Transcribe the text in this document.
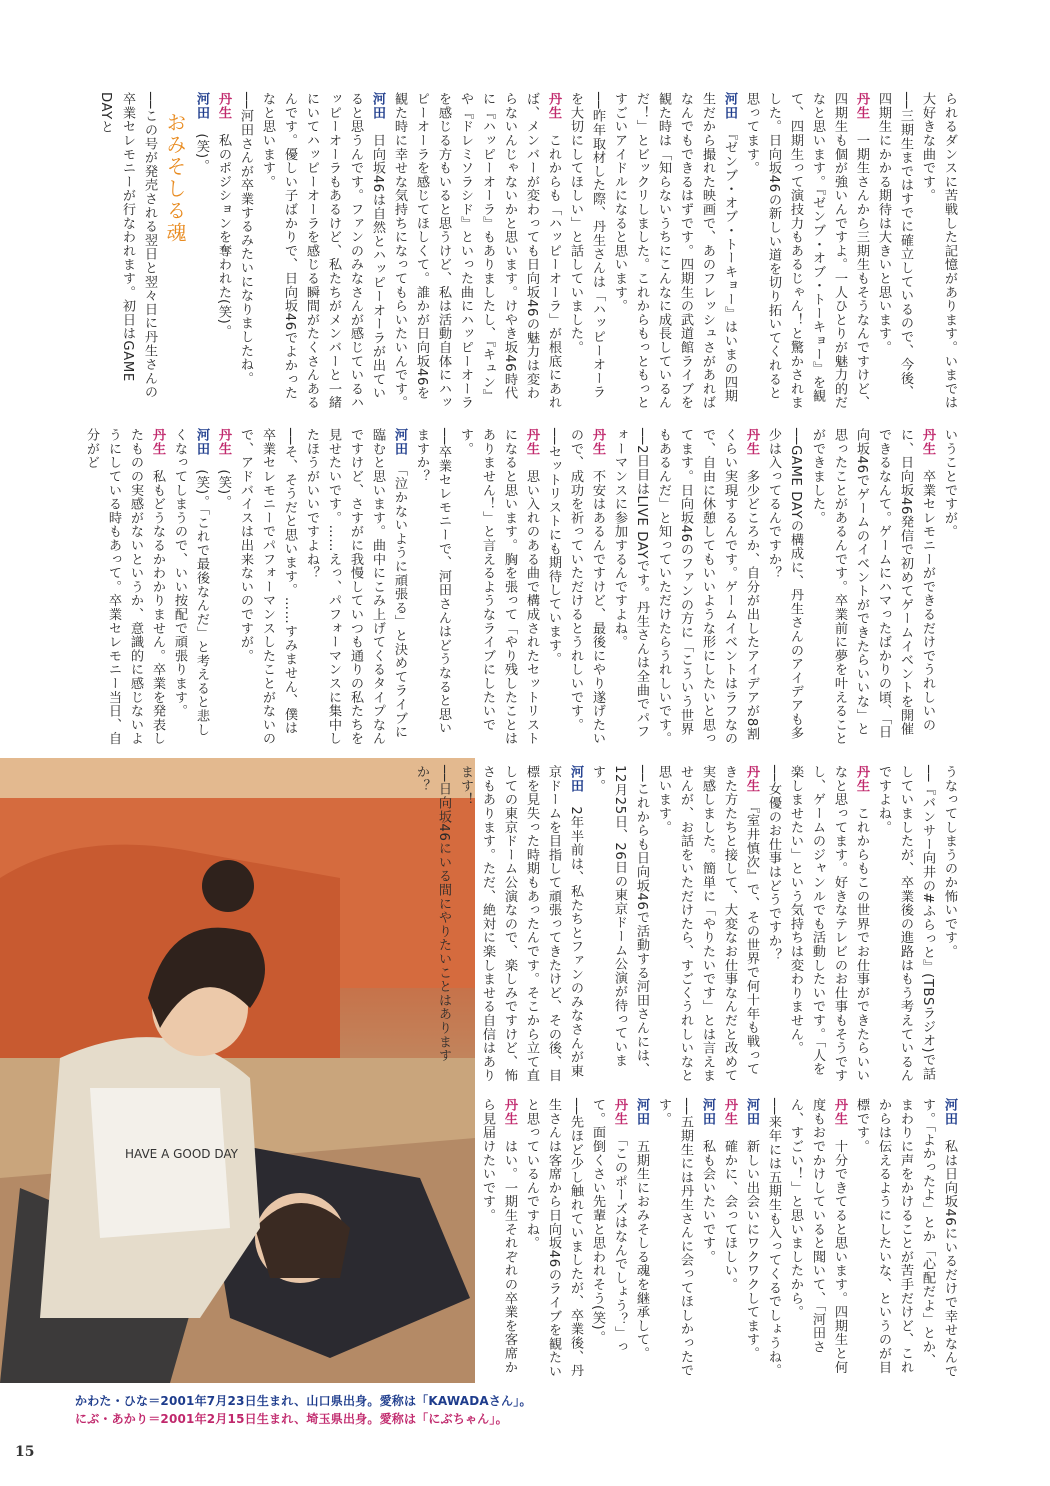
られるダンスに苦戦した記憶があります。いまでは大好きな曲です。

──三期生まではすでに確立しているので、今後、四期生にかかる期待は大きいと思います。

丹生　一期生さんから三期生もそうなんですけど、四期生も個が強いんですよ。一人ひとりが魅力的だなと思います。『ゼンブ・オブ・トーキョー』を観て、四期生って演技力もあるじゃん！と驚かされました。日向坂46の新しい道を切り拓いてくれると思ってます。

河田　『ゼンブ・オブ・トーキョー』はいまの四期生だから撮れた映画で、あのフレッシュさがあればなんでもできるはずです。四期生の武道館ライブを観た時は「知らないうちにこんなに成長しているんだ！」とビックリしました。これからもっともっとすごいアイドルになると思います。

──昨年取材した際、丹生さんは「ハッピーオーラを大切にしてほしい」と話していました。

丹生　これからも「ハッピーオーラ」が根底にあれば、メンバーが変わっても日向坂46の魅力は変わらないんじゃないかと思います。けやき坂46時代に『ハッピーオーラ』もありましたし、『キュン』や『ドレミソラシド』といった曲にハッピーオーラを感じる方もいると思うけど、私は活動自体にハッピーオーラを感じてほしくて。誰かが日向坂46を観た時に幸せな気持ちになってもらいたいんです。

河田　日向坂46は自然とハッピーオーラが出ていると思うんです。ファンのみなさんが感じているハッピーオーラもあるけど、私たちがメンバーと一緒にいてハッピーオーラを感じる瞬間がたくさんあるんです。優しい子ばかりで、日向坂46でよかったなと思います。

──河田さんが卒業するみたいになりましたね。

丹生　私のポジションを奪われた(笑)。

河田　(笑)。

おみそしる魂

──この号が発売される翌日と翌々日に丹生さんの卒業セレモニーが行なわれます。初日はGAME DAYと

いうことですが。

丹生　卒業セレモニーができるだけでうれしいのに、日向坂46発信で初めてゲームイベントを開催できるなんて。ゲームにハマったばかりの頃、「日向坂46でゲームのイベントができたらいいな」と思ったことがあるんです。卒業前に夢を叶えることができました。

──GAME DAYの構成に、丹生さんのアイデアも多少は入ってるんですか？

丹生　多少どころか、自分が出したアイデアが8割くらい実現するんです。ゲームイベントはラフなので、自由に休憩してもいいような形にしたいと思ってます。日向坂46のファンの方に「こういう世界もあるんだ」と知っていただけたらうれしいです。

──2日目はLIVE DAYです。丹生さんは全曲でパフォーマンスに参加するんですよね。

丹生　不安はあるんですけど、最後にやり遂げたいので、成功を祈っていただけるとうれしいです。

──セットリストにも期待しています。

丹生　思い入れのある曲で構成されたセットリストになると思います。胸を張って「やり残したことはありません！」と言えるようなライブにしたいです。

──卒業セレモニーで、河田さんはどうなると思いますか？

河田　「泣かないように頑張る」と決めてライブに臨むと思います。曲中にこみ上げてくるタイプなんですけど、さすがに我慢していつも通りの私たちを見せたいです。……えっ、パフォーマンスに集中したほうがいいですよね？

──そ、そうだと思います。……すみません、僕は卒業セレモニーでパフォーマンスしたことがないので、アドバイスは出来ないのですが。

丹生　(笑)。

河田　(笑)。「これで最後なんだ」と考えると悲しくなってしまうので、いい按配で頑張ります。

丹生　私もどうなるかわかりません。卒業を発表したものの実感がないというか、意識的に感じないようにしている時もあって。卒業セレモニー当日、自分がど

HAVE A GOOD DAY

うなってしまうのか怖いです。

──『バンサー向井の#ふらっと』(TBSラジオ)で話していましたが、卒業後の進路はもう考えているんですよね。

丹生　これからもこの世界でお仕事ができたらいいなと思ってます。好きなテレビのお仕事もそうですし、ゲームのジャンルでも活動したいです。「人を楽しませたい」という気持ちは変わりません。

──女優のお仕事はどうですか？

丹生　『室井慎次』で、その世界で何十年も戦ってきた方たちと接して、大変なお仕事なんだと改めて実感しました。簡単に「やりたいです」とは言えませんが、お話をいただけたら、すごくうれしいなと思います。

──これからも日向坂46で活動する河田さんには、12月25日、26日の東京ドーム公演が待っています。

河田　2年半前は、私たちとファンのみなさんが東京ドームを目指して頑張ってきたけど、その後、目標を見失った時期もあったんです。そこから立て直しての東京ドーム公演なので、楽しみですけど、怖さもあります。ただ、絶対に楽しませる自信はあります！

──日向坂46にいる間にやりたいことはありますか？

河田　私は日向坂46にいるだけで幸せなんです。「よかったよ」とか「心配だよ」とか、まわりに声をかけることが苦手だけど、これからは伝えるようにしたいな、というのが目標です。

丹生　十分できてると思います。四期生と何度もおでかけしていると聞いて、「河田さん、すごい！」と思いましたから。

──来年には五期生も入ってくるでしょうね。

河田　新しい出会いにワクワクしてます。

丹生　確かに、会ってほしい。

河田　私も会いたいです。

──五期生には丹生さんに会ってほしかったです。

河田　五期生におみそしる魂を継承して。

丹生　「このポーズはなんでしょう？」って。面倒くさい先輩と思われそう(笑)。

──先ほど少し触れていましたが、卒業後、丹生さんは客席から日向坂46のライブを観たいと思っているんですね。

丹生　はい。一期生それぞれの卒業を客席から見届けたいです。

かわた・ひな＝2001年7月23日生まれ、山口県出身。愛称は「KAWADAさん」。
にぶ・あかり＝2001年2月15日生まれ、埼玉県出身。愛称は「にぶちゃん」。
15
